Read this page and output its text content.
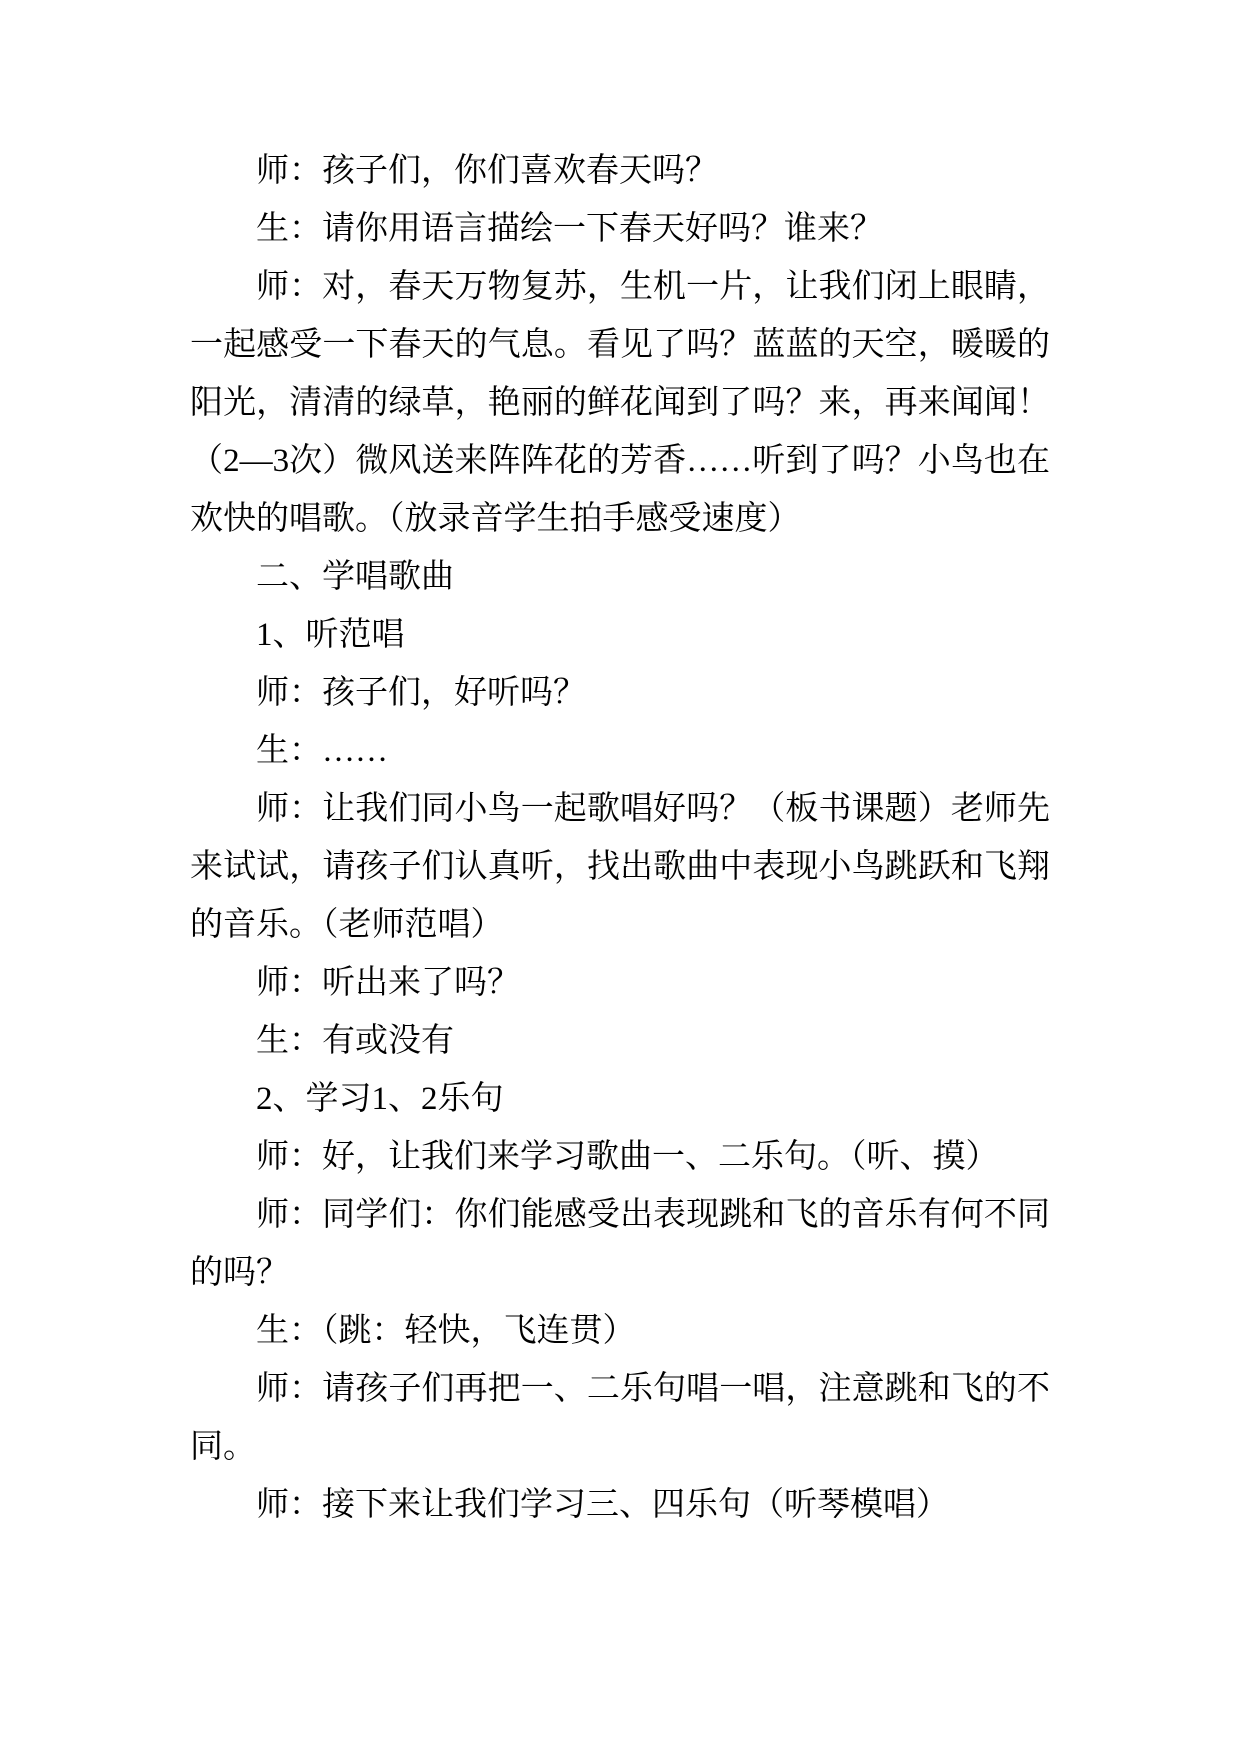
师：孩子们，你们喜欢春天吗？

生：请你用语言描绘一下春天好吗？谁来？

师：对，春天万物复苏，生机一片，让我们闭上眼睛，一起感受一下春天的气息。看见了吗？蓝蓝的天空，暖暖的阳光，清清的绿草，艳丽的鲜花闻到了吗？来，再来闻闻！（2—3次）微风送来阵阵花的芳香……听到了吗？小鸟也在欢快的唱歌。（放录音学生拍手感受速度）

二、学唱歌曲

1、听范唱

师：孩子们，好听吗？

生：……

师：让我们同小鸟一起歌唱好吗？（板书课题）老师先来试试，请孩子们认真听，找出歌曲中表现小鸟跳跃和飞翔的音乐。（老师范唱）

师：听出来了吗？

生：有或没有

2、学习1、2乐句

师：好，让我们来学习歌曲一、二乐句。（听、摸）

师：同学们：你们能感受出表现跳和飞的音乐有何不同的吗？

生：（跳：轻快，飞连贯）

师：请孩子们再把一、二乐句唱一唱，注意跳和飞的不同。

师：接下来让我们学习三、四乐句（听琴模唱）
